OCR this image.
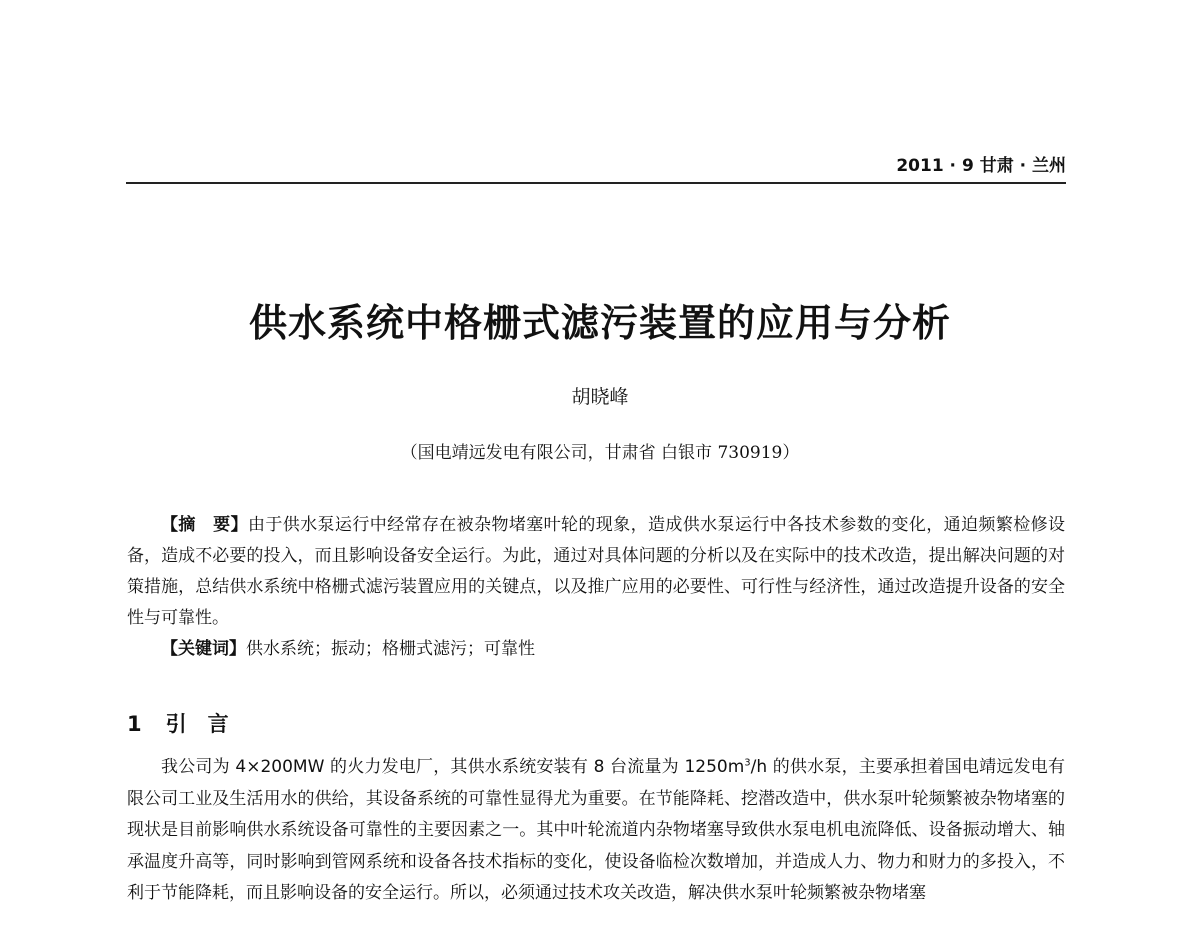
2011 · 9 甘肃 · 兰州
供水系统中格栅式滤污装置的应用与分析
胡晓峰
（国电靖远发电有限公司，甘肃省 白银市 730919）

【摘　要】由于供水泵运行中经常存在被杂物堵塞叶轮的现象，造成供水泵运行中各技术参数的变化，通迫频繁检修设备，造成不必要的投入，而且影响设备安全运行。为此，通过对具体问题的分析以及在实际中的技术改造，提出解决问题的对策措施，总结供水系统中格栅式滤污装置应用的关键点，以及推广应用的必要性、可行性与经济性，通过改造提升设备的安全性与可靠性。

【关键词】供水系统；振动；格栅式滤污；可靠性

1 引　言

我公司为 4×200MW 的火力发电厂，其供水系统安装有 8 台流量为 $1250m^3/h$ 的供水泵，主要承担着国电靖远发电有限公司工业及生活用水的供给，其设备系统的可靠性显得尤为重要。在节能降耗、挖潜改造中，供水泵叶轮频繁被杂物堵塞的现状是目前影响供水系统设备可靠性的主要因素之一。其中叶轮流道内杂物堵塞导致供水泵电机电流降低、设备振动增大、轴承温度升高等，同时影响到管网系统和设备各技术指标的变化，使设备临检次数增加，并造成人力、物力和财力的多投入，不利于节能降耗，而且影响设备的安全运行。所以，必须通过技术攻关改造，解决供水泵叶轮频繁被杂物堵塞
